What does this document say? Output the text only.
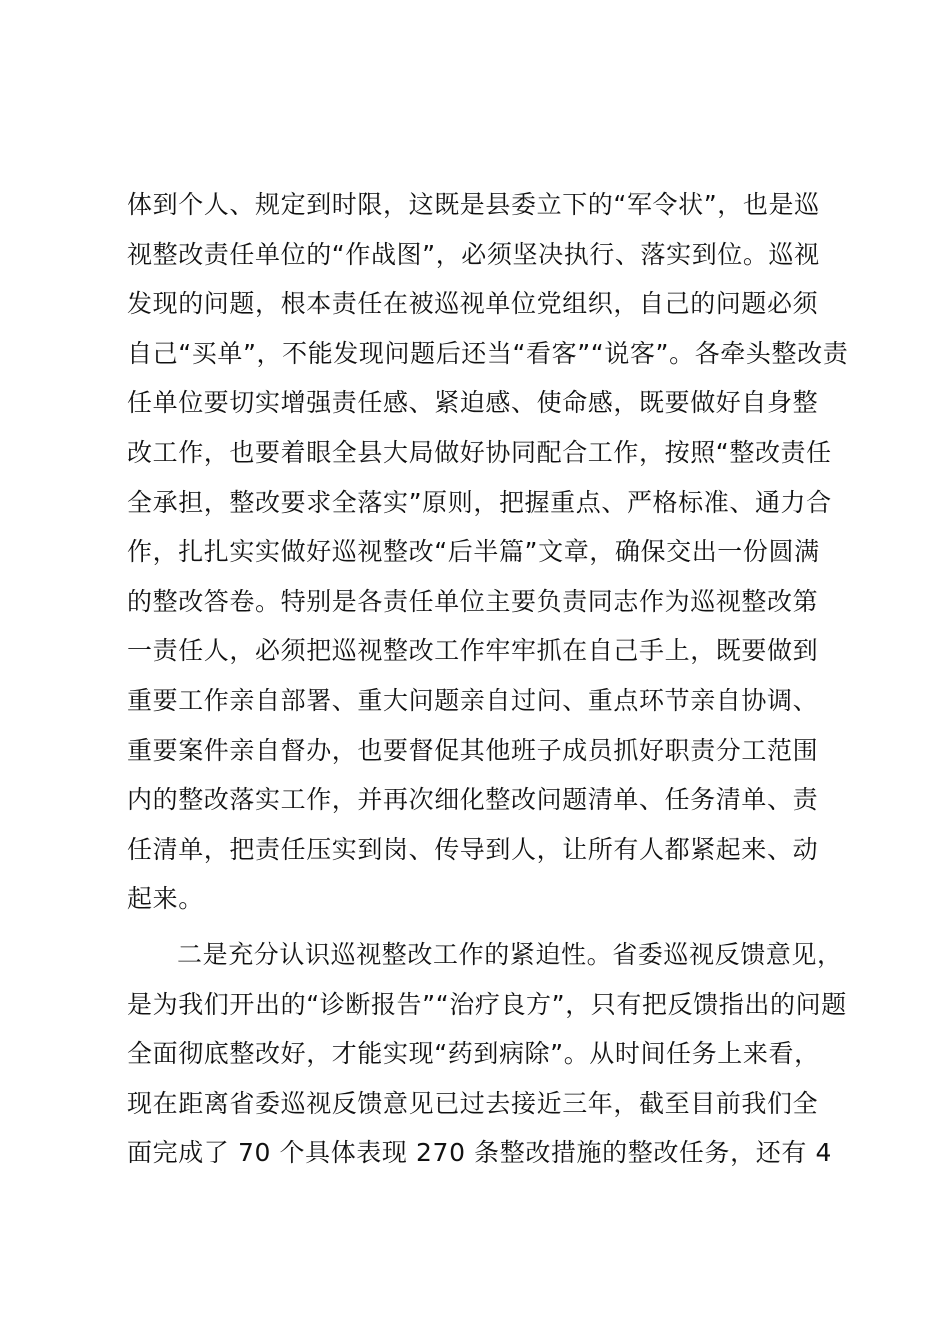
体到个人、规定到时限，这既是县委立下的“军令状”，也是巡
视整改责任单位的“作战图”，必须坚决执行、落实到位。巡视
发现的问题，根本责任在被巡视单位党组织，自己的问题必须
自己“买单”，不能发现问题后还当“看客”“说客”。各牵头整改责
任单位要切实增强责任感、紧迫感、使命感，既要做好自身整
改工作，也要着眼全县大局做好协同配合工作，按照“整改责任
全承担，整改要求全落实”原则，把握重点、严格标准、通力合
作，扎扎实实做好巡视整改“后半篇”文章，确保交出一份圆满
的整改答卷。特别是各责任单位主要负责同志作为巡视整改第
一责任人，必须把巡视整改工作牢牢抓在自己手上，既要做到
重要工作亲自部署、重大问题亲自过问、重点环节亲自协调、
重要案件亲自督办，也要督促其他班子成员抓好职责分工范围
内的整改落实工作，并再次细化整改问题清单、任务清单、责
任清单，把责任压实到岗、传导到人，让所有人都紧起来、动
起来。
二是充分认识巡视整改工作的紧迫性。省委巡视反馈意见，
是为我们开出的“诊断报告”“治疗良方”，只有把反馈指出的问题
全面彻底整改好，才能实现“药到病除”。从时间任务上来看，
现在距离省委巡视反馈意见已过去接近三年，截至目前我们全
面完成了 70 个具体表现 270 条整改措施的整改任务，还有 4
